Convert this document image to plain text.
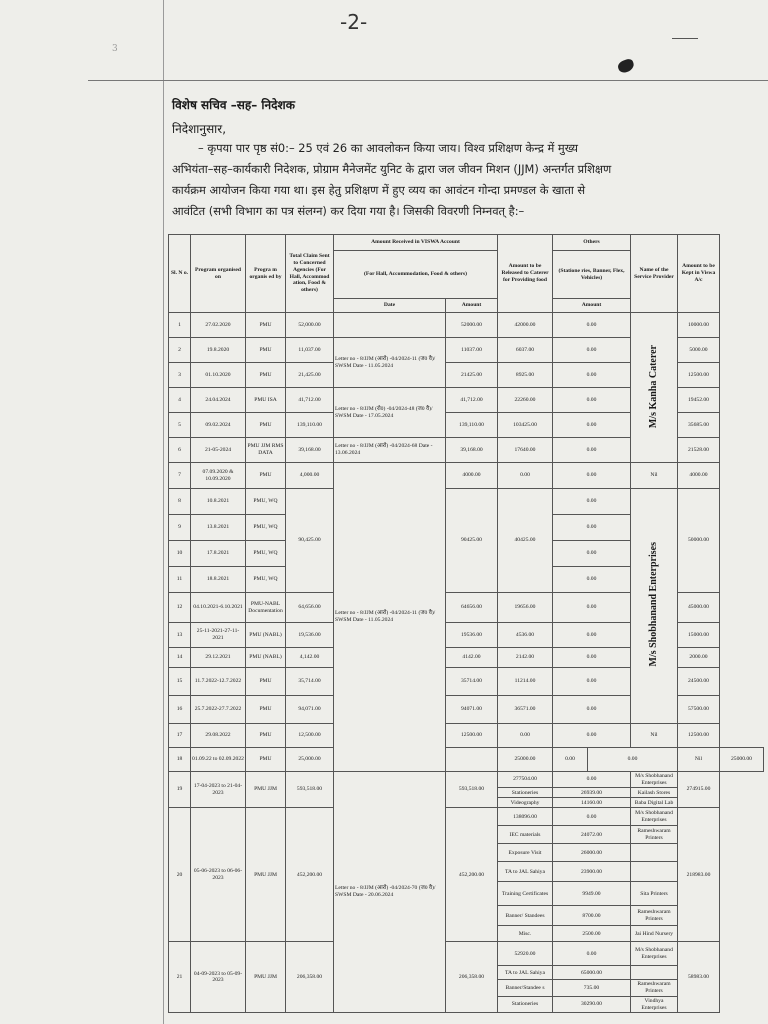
-2-
3
विशेष सचिव –सह– निदेशक
निदेशानुसार,
– कृपया पार पृष्ठ सं0:– 25 एवं 26 का आवलोकन किया जाय। विश्व प्रशिक्षण केन्द्र में मुख्य
अभियंता–सह–कार्यकारी निदेशक, प्रोग्राम मैनेजमेंट युनिट के द्वारा जल जीवन मिशन (JJM) अन्तर्गत प्रशिक्षण
कार्यक्रम आयोजन किया गया था। इस हेतु प्रशिक्षण में हुए व्यय का आवंटन गोन्दा प्रमण्डल के खाता से
आवंटित (सभी विभाग का पत्र संलग्न) कर दिया गया है। जिसकी विवरणी निम्नवत् है:–
Sl. N o.	Program organised on	Progra m organis ed by	Total Claim Sent to Concerned Agencies (For Hall, Accommod ation, Food & others)	Amount Received in VISWA Account		Amount to be Released to Caterer for Providing food	Others		Name of the Service Provider	Amount to be Kept in Viswa A/c	
				(For Hall, Accommodation, Food & others)			(Statione ries, Banner, Flex, Vehicles)				
				Date	Amount		Amount				
1	27.02.2020	PMU	52,000.00		52000.00	42000.00	0.00		M/s Kanha Caterer	10000.00	
2	19.8.2020	PMU	11,037.00	Letter no - 8/JJM (आरो) -04/2024-11 (ज0 वै)/ SWSM Date - 11.05.2024	11037.00	6037.00	0.00			5000.00	
3	01.10.2020	PMU	21,425.00		21425.00	8925.00	0.00			12500.00	
4	24.04.2024	PMU ISA	41,712.00	Letter no - 8/JJM (रो0) -04/2024-48 (ज0 वै)/ SWSM Date - 17.05.2024	41,712.00	22260.00	0.00			19452.00	
5	09.02.2024	PMU	139,110.00		139,110.00	103425.00	0.00			35685.00	
6	21-05-2024	PMU JJM RMS DATA	39,168.00	Letter no - 8/JJM (आरो) -04/2024-68 Date - 13.06.2024	39,168.00	17640.00	0.00			21528.00	
7	07.09.2020 & 10.09.2020	PMU	4,000.00	Letter no - 8/JJM (आरो) -04/2024-11 (ज0 वै)/ SWSM Date - 11.05.2024	4000.00	0.00	0.00		Nil	4000.00	
8	10.8.2021	PMU, WQ	90,425.00		90425.00	40425.00	0.00		M/s Shobhanand Enterprises	50000.00	
9	13.8.2021	PMU, WQ					0.00				
10	17.8.2021	PMU, WQ					0.00				
11	18.8.2021	PMU, WQ					0.00				
12	04.10.2021-6.10.2021	PMU-NABL Documentation	64,656.00		64656.00	19656.00	0.00			45000.00	
13	25-11-2021-27-11-2021	PMU (NABL)	19,536.00		19536.00	4536.00	0.00			15000.00	
14	29.12.2021	PMU (NABL)	4,142.00		4142.00	2142.00	0.00			2000.00	
15	11.7.2022-12.7.2022	PMU	35,714.00		35714.00	11214.00	0.00			24500.00	
16	25.7.2022-27.7.2022	PMU	94,071.00		94071.00	36571.00	0.00			57500.00	
17	29.08.2022	PMU	12,500.00		12500.00	0.00	0.00		Nil	12500.00	
18	01.09.22 to 02.09.2022	PMU	25,000.00			25000.00	0.00	0.00		Nil	25000.00
19	17-04-2023 to 21-04-2023	PMU JJM	593,518.00	Letter no - 8/JJM (आरो) -04/2024-70 (ज0 वै)/ SWSM Date - 20.06.2024	593,518.00	277504.00	0.00		M/s Shobhanand Enterprises	274915.00	
						Stationeries	26939.00		Kailash Stores		
						Videography	14160.00		Baba Digital Lab		
20	05-06-2023 to 06-06-2023	PMU JJM	452,200.00		452,200.00	138096.00	0.00		M/s Shobhanand Enterprises	218983.00	
						IEC materials	24072.00		Rameshwaram Printers		
						Exposure Visit	26000.00				
						TA to JAL Sahiya	23900.00				
						Training Certificates	9949.00		Sita Printers		
						Banner/ Standees	8700.00		Rameshwaram Printers		
						Misc.	2500.00		Jai Hind Nursery		
21	04-09-2023 to 05-09-2023	PMU JJM	206,358.00		206,358.00	52920.00	0.00		M/s Shobhanand Enterprises	58983.00	
						TA to JAL Sahiya	65000.00				
						Banner/Standee s	735.00		Rameshwaram Printers		
						Stationeries	30290.00		Vindhya Enterprises		
